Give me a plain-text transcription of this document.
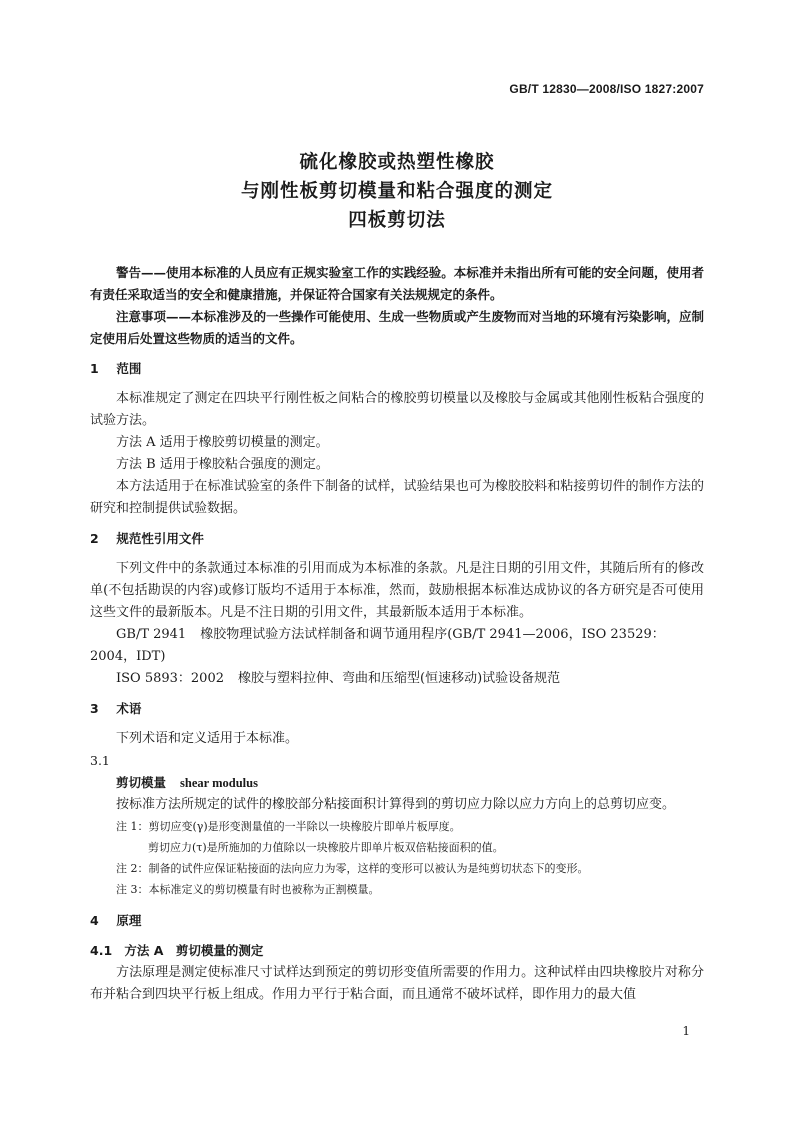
GB/T 12830—2008/ISO 1827:2007
硫化橡胶或热塑性橡胶
与刚性板剪切模量和粘合强度的测定
四板剪切法

警告——使用本标准的人员应有正规实验室工作的实践经验。本标准并未指出所有可能的安全问题，使用者有责任采取适当的安全和健康措施，并保证符合国家有关法规规定的条件。

注意事项——本标准涉及的一些操作可能使用、生成一些物质或产生废物而对当地的环境有污染影响，应制定使用后处置这些物质的适当的文件。

1 范围

本标准规定了测定在四块平行刚性板之间粘合的橡胶剪切模量以及橡胶与金属或其他刚性板粘合强度的试验方法。

方法 A 适用于橡胶剪切模量的测定。

方法 B 适用于橡胶粘合强度的测定。

本方法适用于在标准试验室的条件下制备的试样，试验结果也可为橡胶胶料和粘接剪切件的制作方法的研究和控制提供试验数据。

2 规范性引用文件

下列文件中的条款通过本标准的引用而成为本标准的条款。凡是注日期的引用文件，其随后所有的修改单(不包括勘误的内容)或修订版均不适用于本标准，然而，鼓励根据本标准达成协议的各方研究是否可使用这些文件的最新版本。凡是不注日期的引用文件，其最新版本适用于本标准。

GB/T 2941 橡胶物理试验方法试样制备和调节通用程序(GB/T 2941—2006，ISO 23529：2004，IDT)

ISO 5893：2002 橡胶与塑料拉伸、弯曲和压缩型(恒速移动)试验设备规范

3 术语

下列术语和定义适用于本标准。

3.1

剪切模量 shear modulus

按标准方法所规定的试件的橡胶部分粘接面积计算得到的剪切应力除以应力方向上的总剪切应变。

注 1：剪切应变(γ)是形变测量值的一半除以一块橡胶片即单片板厚度。

剪切应力(τ)是所施加的力值除以一块橡胶片即单片板双倍粘接面积的值。

注 2：制备的试件应保证粘接面的法向应力为零，这样的变形可以被认为是纯剪切状态下的变形。

注 3：本标准定义的剪切模量有时也被称为正割模量。

4 原理

4.1 方法 A　剪切模量的测定

方法原理是测定使标准尺寸试样达到预定的剪切形变值所需要的作用力。这种试样由四块橡胶片对称分布并粘合到四块平行板上组成。作用力平行于粘合面，而且通常不破坏试样，即作用力的最大值

1
